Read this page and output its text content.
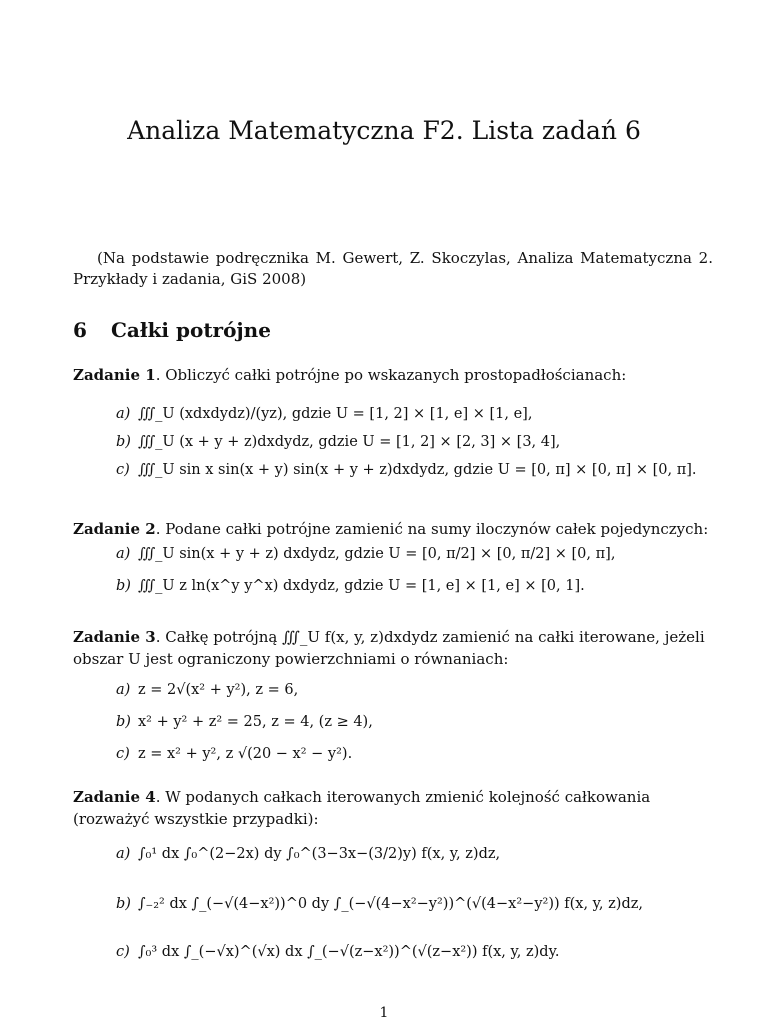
Analiza Matematyczna F2. Lista zadań 6
(Na podstawie podręcznika M. Gewert, Z. Skoczylas, Analiza Matematyczna 2. Przykłady i zadania, GiS 2008)
6 Całki potrójne
Zadanie 1. Obliczyć całki potrójne po wskazanych prostopadłościanach:
a) ∭_U (xdxdydz)/(yz), gdzie U = [1, 2] × [1, e] × [1, e],
b) ∭_U (x + y + z)dxdydz, gdzie U = [1, 2] × [2, 3] × [3, 4],
c) ∭_U sin x sin(x + y) sin(x + y + z)dxdydz, gdzie U = [0, π] × [0, π] × [0, π].
Zadanie 2. Podane całki potrójne zamienić na sumy iloczynów całek pojedynczych:
a) ∭_U sin(x + y + z) dxdydz, gdzie U = [0, π/2] × [0, π/2] × [0, π],
b) ∭_U z ln(x^y y^x) dxdydz, gdzie U = [1, e] × [1, e] × [0, 1].
Zadanie 3. Całkę potrójną ∭_U f(x, y, z)dxdydz zamienić na całki iterowane, jeżeli obszar U jest ograniczony powierzchniami o równaniach:
a) z = 2√(x² + y²), z = 6,
b) x² + y² + z² = 25, z = 4, (z ≥ 4),
c) z = x² + y², z √(20 − x² − y²).
Zadanie 4. W podanych całkach iterowanych zmienić kolejność całkowania (rozważyć wszystkie przypadki):
a) ∫₀¹ dx ∫₀^(2−2x) dy ∫₀^(3−3x−(3/2)y) f(x, y, z)dz,
b) ∫₋₂² dx ∫_(−√(4−x²))^0 dy ∫_(−√(4−x²−y²))^(√(4−x²−y²)) f(x, y, z)dz,
c) ∫₀³ dx ∫_(−√x)^(√x) dx ∫_(−√(z−x²))^(√(z−x²)) f(x, y, z)dy.
1
